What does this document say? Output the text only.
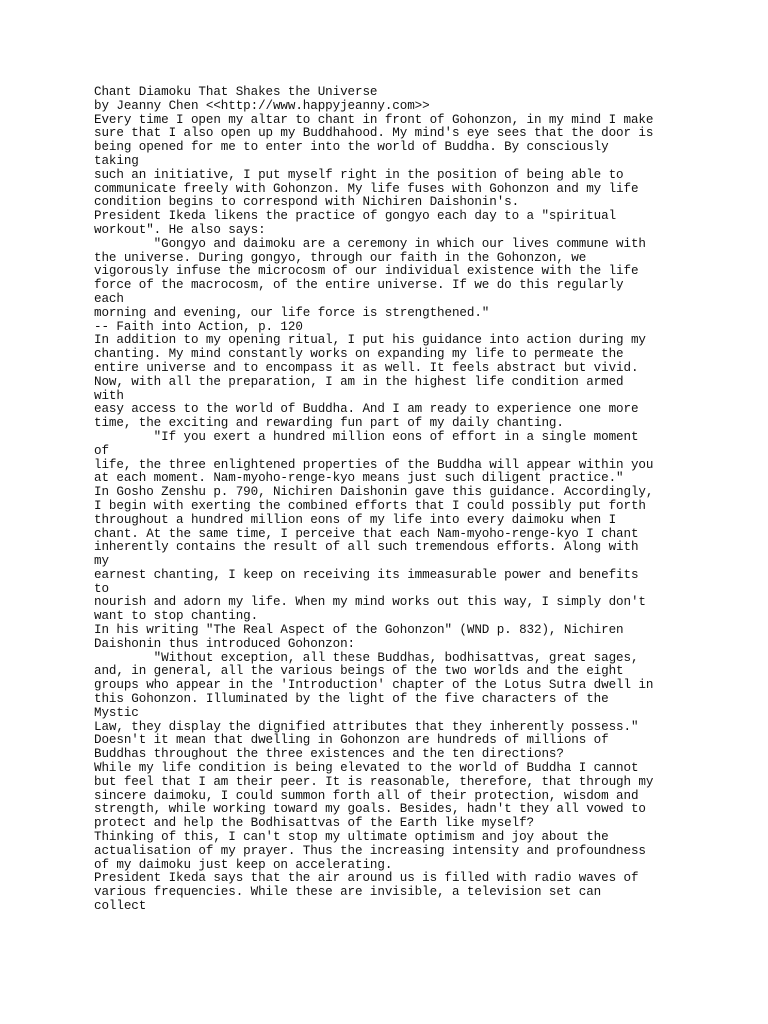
Chant Diamoku That Shakes the Universe
by Jeanny Chen <<http://www.happyjeanny.com>>
Every time I open my altar to chant in front of Gohonzon, in my mind I make
sure that I also open up my Buddhahood. My mind's eye sees that the door is
being opened for me to enter into the world of Buddha. By consciously
taking
such an initiative, I put myself right in the position of being able to
communicate freely with Gohonzon. My life fuses with Gohonzon and my life
condition begins to correspond with Nichiren Daishonin's.
President Ikeda likens the practice of gongyo each day to a "spiritual
workout". He also says:
"Gongyo and daimoku are a ceremony in which our lives commune with
the universe. During gongyo, through our faith in the Gohonzon, we
vigorously infuse the microcosm of our individual existence with the life
force of the macrocosm, of the entire universe. If we do this regularly
each
morning and evening, our life force is strengthened."
-- Faith into Action, p. 120
In addition to my opening ritual, I put his guidance into action during my
chanting. My mind constantly works on expanding my life to permeate the
entire universe and to encompass it as well. It feels abstract but vivid.
Now, with all the preparation, I am in the highest life condition armed
with
easy access to the world of Buddha. And I am ready to experience one more
time, the exciting and rewarding fun part of my daily chanting.
"If you exert a hundred million eons of effort in a single moment
of
life, the three enlightened properties of the Buddha will appear within you
at each moment. Nam-myoho-renge-kyo means just such diligent practice."
In Gosho Zenshu p. 790, Nichiren Daishonin gave this guidance. Accordingly,
I begin with exerting the combined efforts that I could possibly put forth
throughout a hundred million eons of my life into every daimoku when I
chant. At the same time, I perceive that each Nam-myoho-renge-kyo I chant
inherently contains the result of all such tremendous efforts. Along with
my
earnest chanting, I keep on receiving its immeasurable power and benefits
to
nourish and adorn my life. When my mind works out this way, I simply don't
want to stop chanting.
In his writing "The Real Aspect of the Gohonzon" (WND p. 832), Nichiren
Daishonin thus introduced Gohonzon:
"Without exception, all these Buddhas, bodhisattvas, great sages,
and, in general, all the various beings of the two worlds and the eight
groups who appear in the 'Introduction' chapter of the Lotus Sutra dwell in
this Gohonzon. Illuminated by the light of the five characters of the
Mystic
Law, they display the dignified attributes that they inherently possess."
Doesn't it mean that dwelling in Gohonzon are hundreds of millions of
Buddhas throughout the three existences and the ten directions?
While my life condition is being elevated to the world of Buddha I cannot
but feel that I am their peer. It is reasonable, therefore, that through my
sincere daimoku, I could summon forth all of their protection, wisdom and
strength, while working toward my goals. Besides, hadn't they all vowed to
protect and help the Bodhisattvas of the Earth like myself?
Thinking of this, I can't stop my ultimate optimism and joy about the
actualisation of my prayer. Thus the increasing intensity and profoundness
of my daimoku just keep on accelerating.
President Ikeda says that the air around us is filled with radio waves of
various frequencies. While these are invisible, a television set can
collect
